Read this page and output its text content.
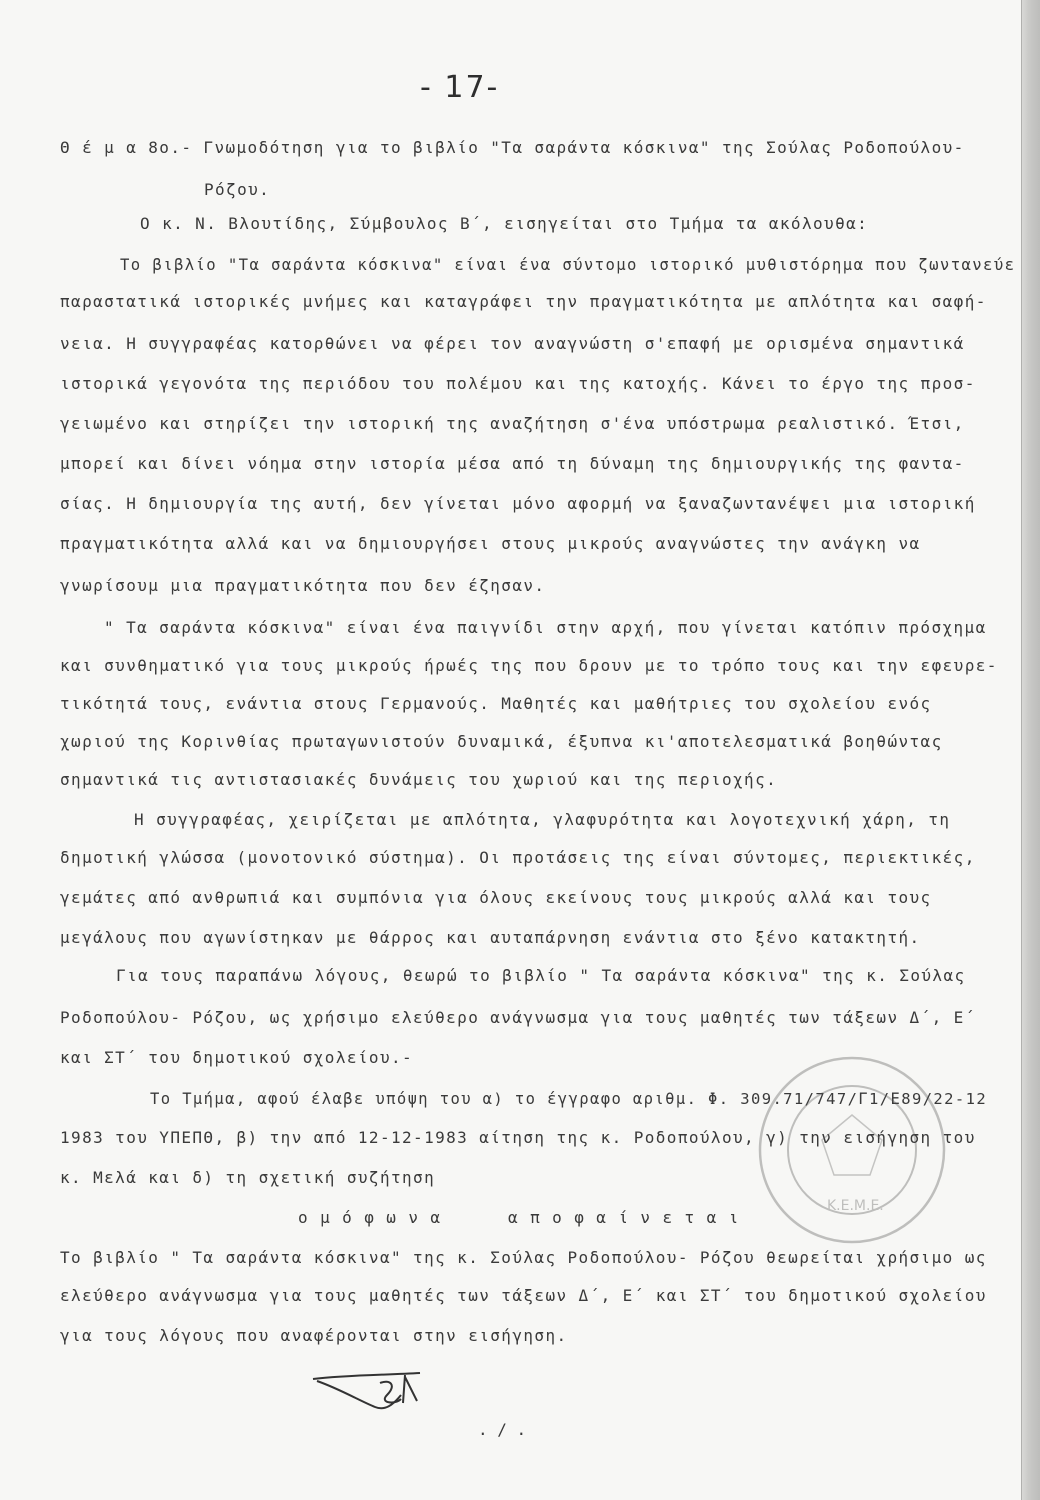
- 17-
Θ έ μ α 8ο.- Γνωμοδότηση για το βιβλίο "Τα σαράντα κόσκινα" της Σούλας Ροδοπούλου-
Ρόζου.
Ο κ. Ν. Βλουτίδης, Σύμβουλος Β΄, εισηγείται στο Τμήμα τα ακόλουθα:
Το βιβλίο "Τα σαράντα κόσκινα" είναι ένα σύντομο ιστορικό μυθιστόρημα που ζωντανεύε
παραστατικά ιστορικές μνήμες και καταγράφει την πραγματικότητα με απλότητα και σαφή-
νεια. Η συγγραφέας κατορθώνει να φέρει τον αναγνώστη σ'επαφή με ορισμένα σημαντικά
ιστορικά γεγονότα της περιόδου του πολέμου και της κατοχής. Κάνει το έργο της προσ-
γειωμένο και στηρίζει την ιστορική της αναζήτηση σ'ένα υπόστρωμα ρεαλιστικό. Έτσι,
μπορεί και δίνει νόημα στην ιστορία μέσα από τη δύναμη της δημιουργικής της φαντα-
σίας. Η δημιουργία της αυτή, δεν γίνεται μόνο αφορμή να ξαναζωντανέψει μια ιστορική
πραγματικότητα αλλά και να δημιουργήσει στους μικρούς αναγνώστες την ανάγκη να
γνωρίσουμ μια πραγματικότητα που δεν έζησαν.
" Τα σαράντα κόσκινα" είναι ένα παιγνίδι στην αρχή, που γίνεται κατόπιν πρόσχημα
και συνθηματικό για τους μικρούς ήρωές της που δρουν με το τρόπο τους και την εφευρε-
τικότητά τους, ενάντια στους Γερμανούς. Μαθητές και μαθήτριες του σχολείου ενός
χωριού της Κορινθίας πρωταγωνιστούν δυναμικά, έξυπνα κι'αποτελεσματικά βοηθώντας
σημαντικά τις αντιστασιακές δυνάμεις του χωριού και της περιοχής.
Η συγγραφέας, χειρίζεται με απλότητα, γλαφυρότητα και λογοτεχνική χάρη, τη
δημοτική γλώσσα (μονοτονικό σύστημα). Οι προτάσεις της είναι σύντομες, περιεκτικές,
γεμάτες από ανθρωπιά και συμπόνια για όλους εκείνους τους μικρούς αλλά και τους
μεγάλους που αγωνίστηκαν με θάρρος και αυταπάρνηση ενάντια στο ξένο κατακτητή.
Για τους παραπάνω λόγους, θεωρώ το βιβλίο " Τα σαράντα κόσκινα" της κ. Σούλας
Ροδοπούλου- Ρόζου, ως χρήσιμο ελεύθερο ανάγνωσμα για τους μαθητές των τάξεων Δ΄, Ε΄
και ΣΤ΄ του δημοτικού σχολείου.-
Το Τμήμα, αφού έλαβε υπόψη του α) το έγγραφο αριθμ. Φ. 309.71/747/Γ1/Ε89/22-12
1983 του ΥΠΕΠΘ, β) την από 12-12-1983 αίτηση της κ. Ροδοπούλου, γ) την εισήγηση του
κ. Μελά και δ) τη σχετική συζήτηση
ο μ ό φ ω ν α	α π ο φ α ί ν ε τ α ι
Το βιβλίο " Τα σαράντα κόσκινα" της κ. Σούλας Ροδοπούλου- Ρόζου θεωρείται χρήσιμο ως
ελεύθερο ανάγνωσμα για τους μαθητές των τάξεων Δ΄, Ε΄ και ΣΤ΄ του δημοτικού σχολείου
για τους λόγους που αναφέρονται στην εισήγηση.
. / .
Κ.Ε.Μ.Ε.
